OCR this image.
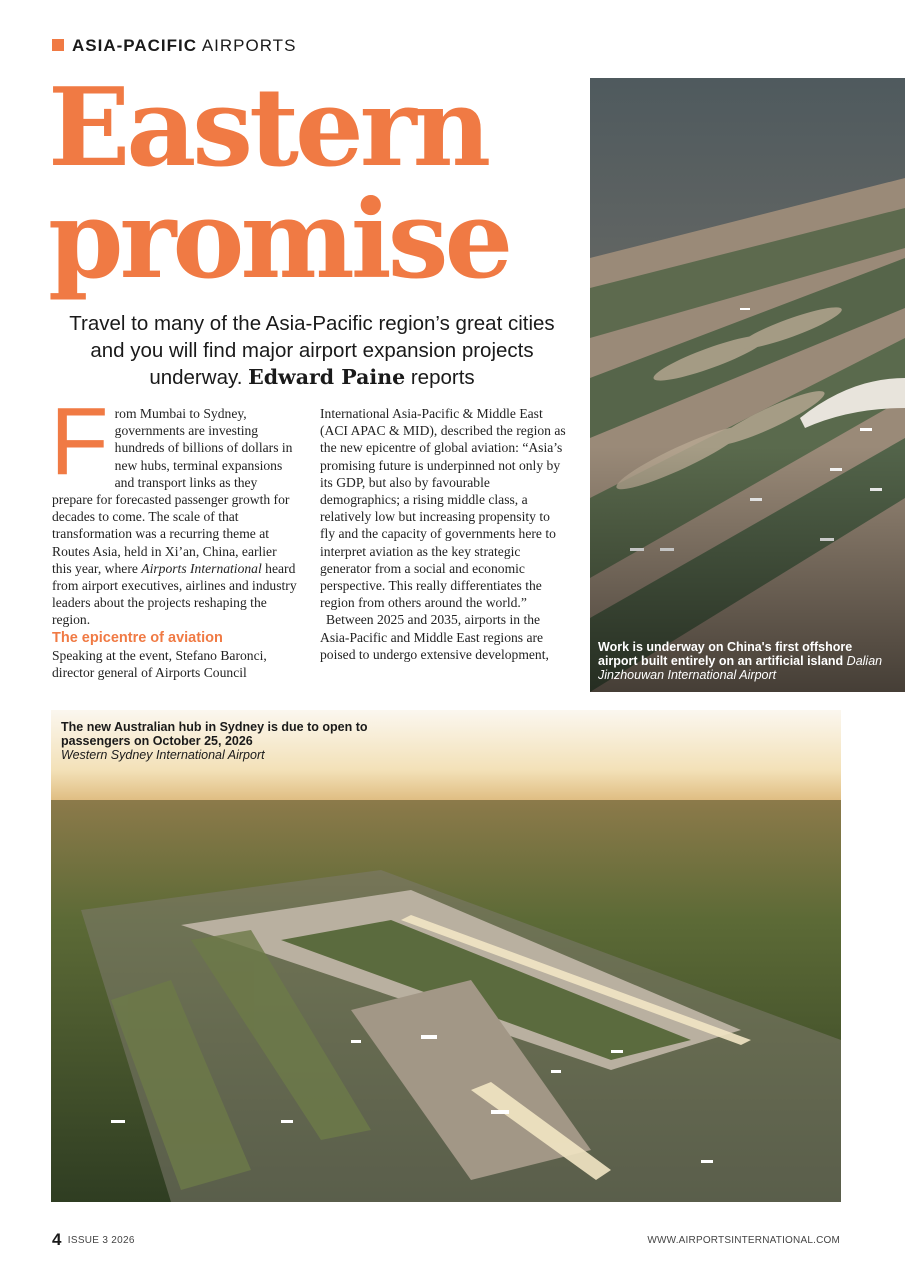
ASIA-PACIFIC AIRPORTS
Eastern
promise
Travel to many of the Asia-Pacific region’s great cities and you will find major airport expansion projects underway. Edward Paine reports

From Mumbai to Sydney, governments are investing hundreds of billions of dollars in new hubs, terminal expansions and transport links as they prepare for forecasted passenger growth for decades to come. The scale of that transformation was a recurring theme at Routes Asia, held in Xi’an, China, earlier this year, where Airports International heard from airport executives, airlines and industry leaders about the projects reshaping the region.

The epicentre of aviation

Speaking at the event, Stefano Baronci, director general of Airports Council

International Asia-Pacific & Middle East (ACI APAC & MID), described the region as the new epicentre of global aviation: “Asia’s promising future is underpinned not only by its GDP, but also by favourable demographics; a rising middle class, a relatively low but increasing propensity to fly and the capacity of governments here to interpret aviation as the key strategic generator from a social and economic perspective. This really differentiates the region from others around the world.”

Between 2025 and 2035, airports in the Asia-Pacific and Middle East regions are poised to undergo extensive development,	Work is underway on China's first offshore airport built entirely on an artificial island Dalian Jinzhouwan International Airport
The new Australian hub in Sydney is due to open to passengers on October 25, 2026
Western Sydney International Airport
4 ISSUE 3 2026	WWW.AIRPORTSINTERNATIONAL.COM
